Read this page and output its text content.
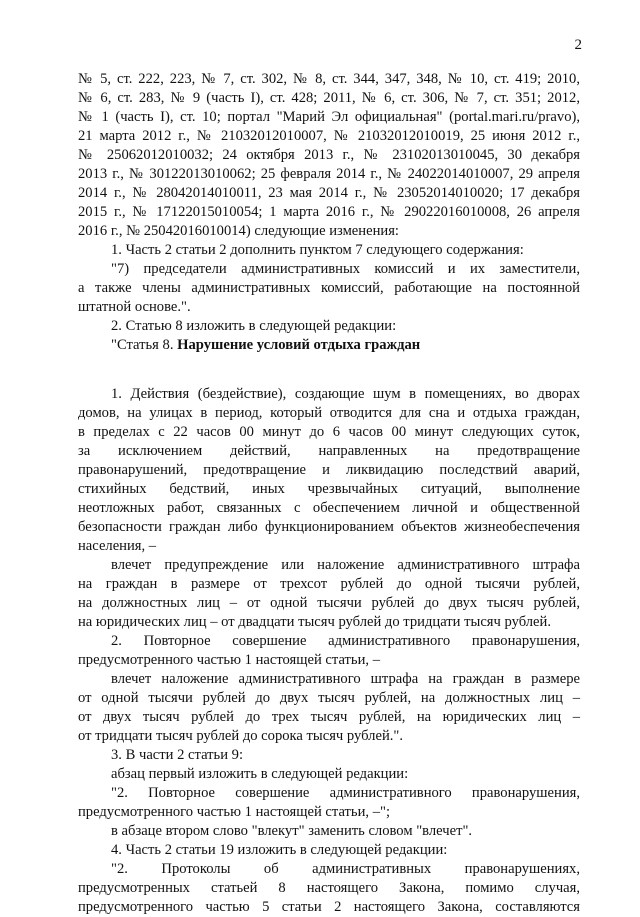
2
№ 5, ст. 222, 223, № 7, ст. 302, № 8, ст. 344, 347, 348, № 10, ст. 419; 2010,
№ 6, ст. 283, № 9 (часть I), ст. 428; 2011, № 6, ст. 306, № 7, ст. 351; 2012,
№ 1 (часть I), ст. 10; портал "Марий Эл официальная" (portal.mari.ru/pravo),
21 марта 2012 г., № 21032012010007, № 21032012010019, 25 июня 2012 г.,
№ 25062012010032; 24 октября 2013 г., № 23102013010045, 30 декабря
2013 г., № 30122013010062; 25 февраля 2014 г., № 24022014010007, 29 апреля
2014 г., № 28042014010011, 23 мая 2014 г., № 23052014010020; 17 декабря
2015 г., № 17122015010054; 1 марта 2016 г., № 29022016010008, 26 апреля
2016 г., № 25042016010014) следующие изменения:
1. Часть 2 статьи 2 дополнить пунктом 7 следующего содержания:
"7) председатели административных комиссий и их заместители,
а также члены административных комиссий, работающие на постоянной
штатной основе.".
2. Статью 8 изложить в следующей редакции:
"Статья 8. Нарушение условий отдыха граждан
1. Действия (бездействие), создающие шум в помещениях, во дворах
домов, на улицах в период, который отводится для сна и отдыха граждан,
в пределах с 22 часов 00 минут до 6 часов 00 минут следующих суток,
за исключением действий, направленных на предотвращение
правонарушений, предотвращение и ликвидацию последствий аварий,
стихийных бедствий, иных чрезвычайных ситуаций, выполнение
неотложных работ, связанных с обеспечением личной и общественной
безопасности граждан либо функционированием объектов жизнеобеспечения
населения, –
влечет предупреждение или наложение административного штрафа
на граждан в размере от трехсот рублей до одной тысячи рублей,
на должностных лиц – от одной тысячи рублей до двух тысяч рублей,
на юридических лиц – от двадцати тысяч рублей до тридцати тысяч рублей.
2. Повторное совершение административного правонарушения,
предусмотренного частью 1 настоящей статьи, –
влечет наложение административного штрафа на граждан в размере
от одной тысячи рублей до двух тысяч рублей, на должностных лиц –
от двух тысяч рублей до трех тысяч рублей, на юридических лиц –
от тридцати тысяч рублей до сорока тысяч рублей.".
3. В части 2 статьи 9:
абзац первый изложить в следующей редакции:
"2. Повторное совершение административного правонарушения,
предусмотренного частью 1 настоящей статьи, –";
в абзаце втором слово "влекут" заменить словом "влечет".
4. Часть 2 статьи 19 изложить в следующей редакции:
"2. Протоколы об административных правонарушениях,
предусмотренных статьей 8 настоящего Закона, помимо случая,
предусмотренного частью 5 статьи 2 настоящего Закона, составляются
